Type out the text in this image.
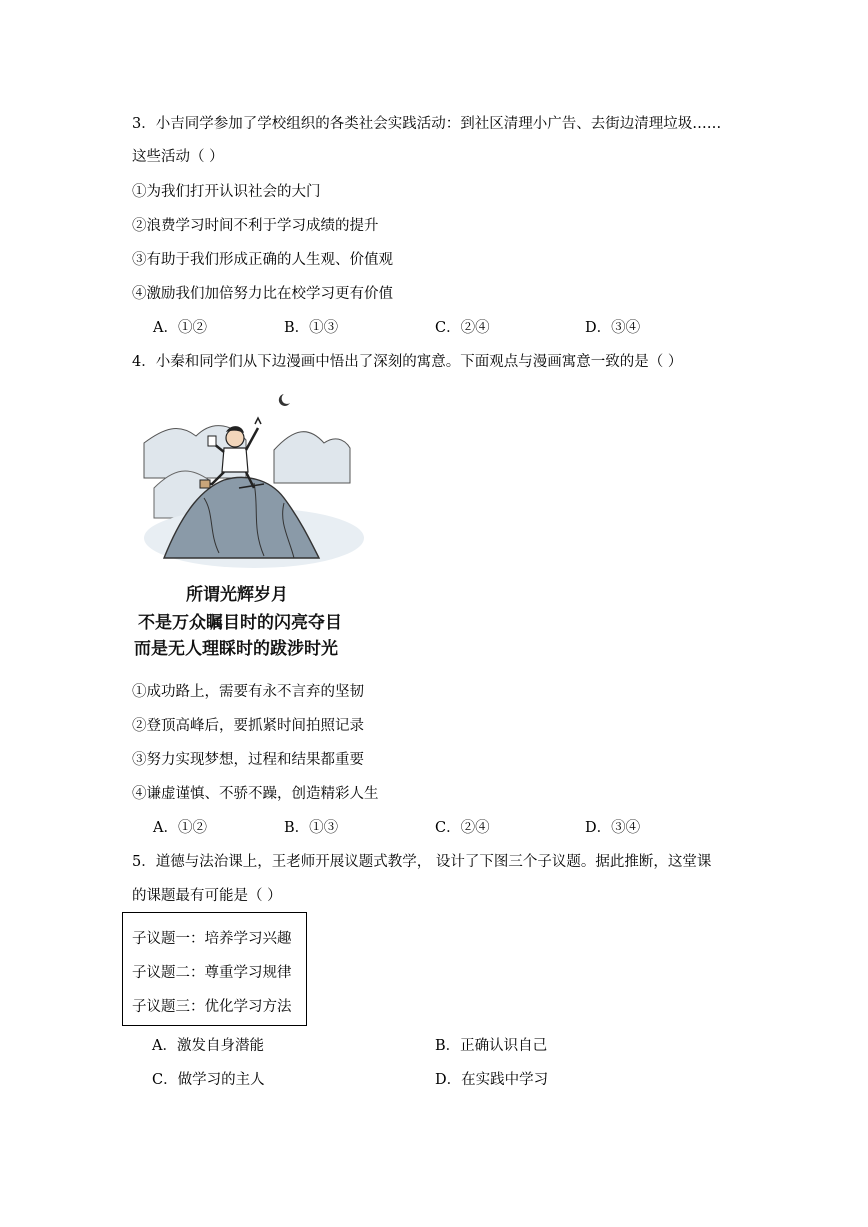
3．小吉同学参加了学校组织的各类社会实践活动：到社区清理小广告、去街边清理垃圾……
这些活动（ ）
①为我们打开认识社会的大门
②浪费学习时间不利于学习成绩的提升
③有助于我们形成正确的人生观、价值观
④激励我们加倍努力比在校学习更有价值
A．①②	B．①③	C．②④	D．③④
4．小秦和同学们从下边漫画中悟出了深刻的寓意。下面观点与漫画寓意一致的是（ ）
所谓光辉岁月
不是万众瞩目时的闪亮夺目
而是无人理睬时的跋涉时光
①成功路上，需要有永不言弃的坚韧
②登顶高峰后，要抓紧时间拍照记录
③努力实现梦想，过程和结果都重要
④谦虚谨慎、不骄不躁，创造精彩人生
A．①②	B．①③	C．②④	D．③④
5．道德与法治课上，王老师开展议题式教学， 设计了下图三个子议题。据此推断，这堂课
的课题最有可能是（ ）
子议题一：培养学习兴趣
子议题二：尊重学习规律
子议题三：优化学习方法
A．激发自身潜能	B．正确认识自己
C．做学习的主人	D．在实践中学习
